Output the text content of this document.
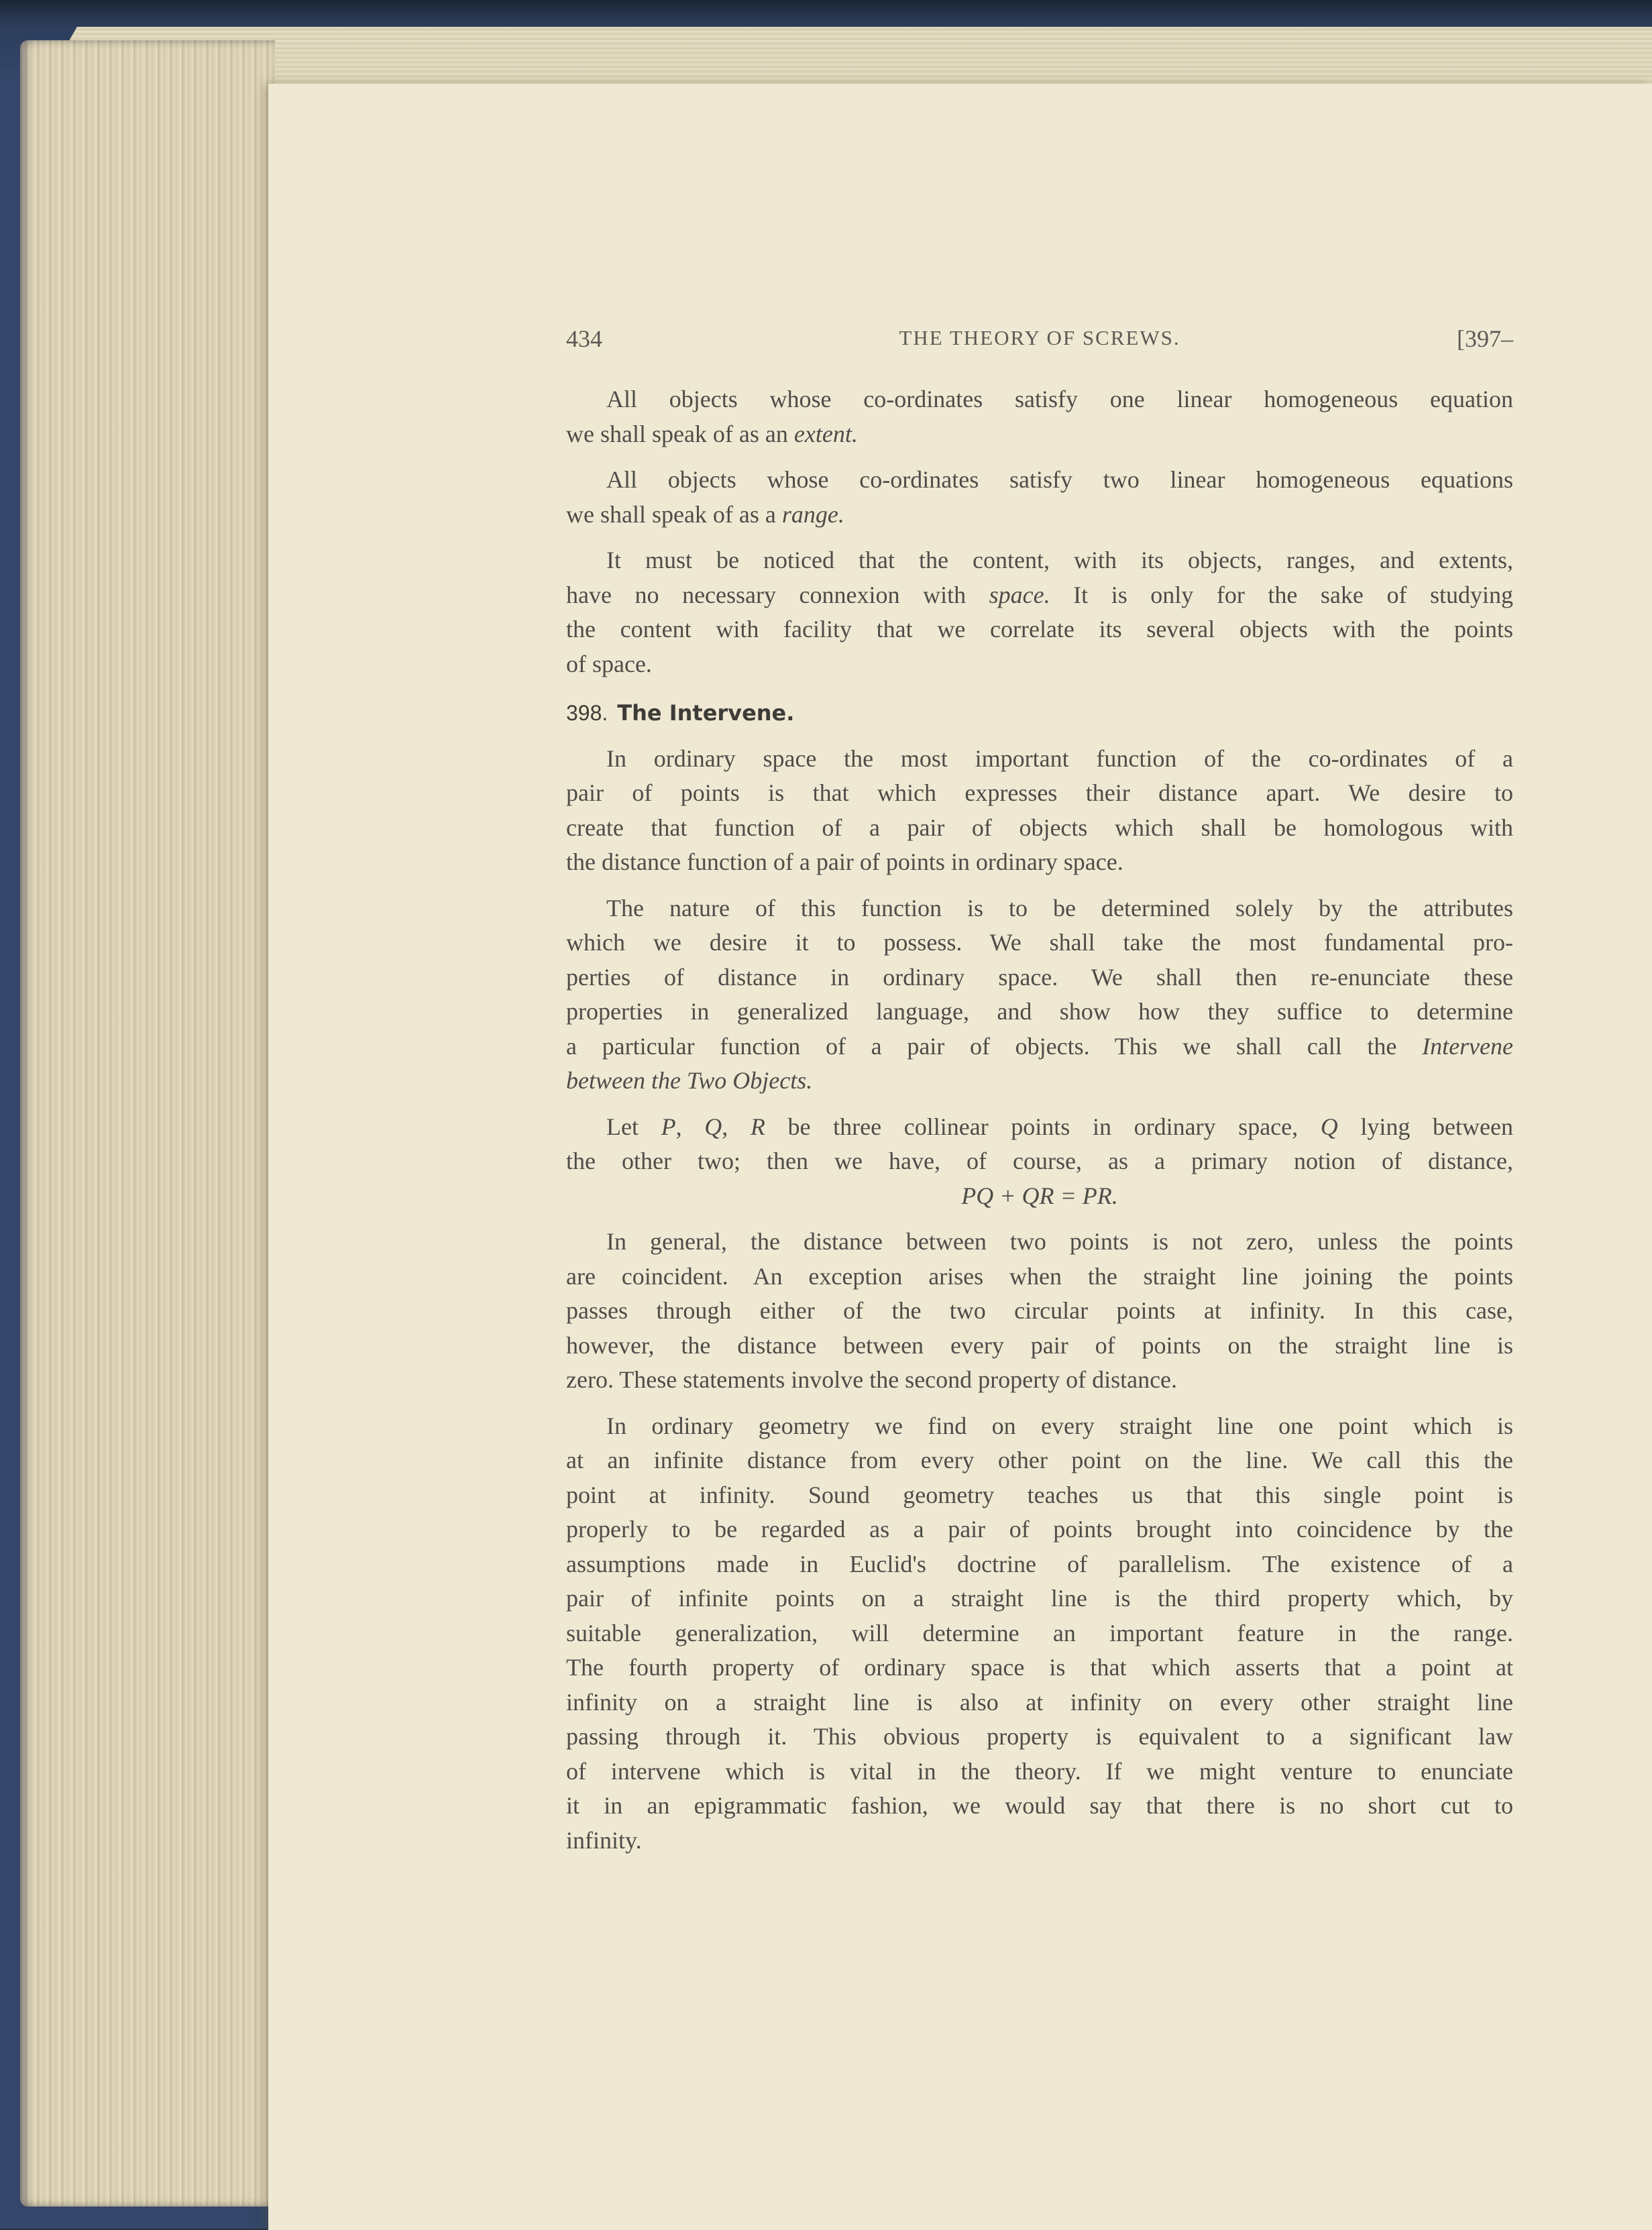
434	THE THEORY OF SCREWS.	[397–
All objects whose co-ordinates satisfy one linear homogeneous equation
we shall speak of as an extent.
All objects whose co-ordinates satisfy two linear homogeneous equations
we shall speak of as a range.
It must be noticed that the content, with its objects, ranges, and extents,
have no necessary connexion with space. It is only for the sake of studying
the content with facility that we correlate its several objects with the points
of space.
398. The Intervene.
In ordinary space the most important function of the co-ordinates of a
pair of points is that which expresses their distance apart. We desire to
create that function of a pair of objects which shall be homologous with
the distance function of a pair of points in ordinary space.
The nature of this function is to be determined solely by the attributes
which we desire it to possess. We shall take the most fundamental pro-
perties of distance in ordinary space. We shall then re-enunciate these
properties in generalized language, and show how they suffice to determine
a particular function of a pair of objects. This we shall call the Intervene
between the Two Objects.
Let P, Q, R be three collinear points in ordinary space, Q lying between
the other two; then we have, of course, as a primary notion of distance,
PQ + QR = PR.
In general, the distance between two points is not zero, unless the points
are coincident. An exception arises when the straight line joining the points
passes through either of the two circular points at infinity. In this case,
however, the distance between every pair of points on the straight line is
zero. These statements involve the second property of distance.
In ordinary geometry we find on every straight line one point which is
at an infinite distance from every other point on the line. We call this the
point at infinity. Sound geometry teaches us that this single point is
properly to be regarded as a pair of points brought into coincidence by the
assumptions made in Euclid's doctrine of parallelism. The existence of a
pair of infinite points on a straight line is the third property which, by
suitable generalization, will determine an important feature in the range.
The fourth property of ordinary space is that which asserts that a point at
infinity on a straight line is also at infinity on every other straight line
passing through it. This obvious property is equivalent to a significant law
of intervene which is vital in the theory. If we might venture to enunciate
it in an epigrammatic fashion, we would say that there is no short cut to
infinity.
